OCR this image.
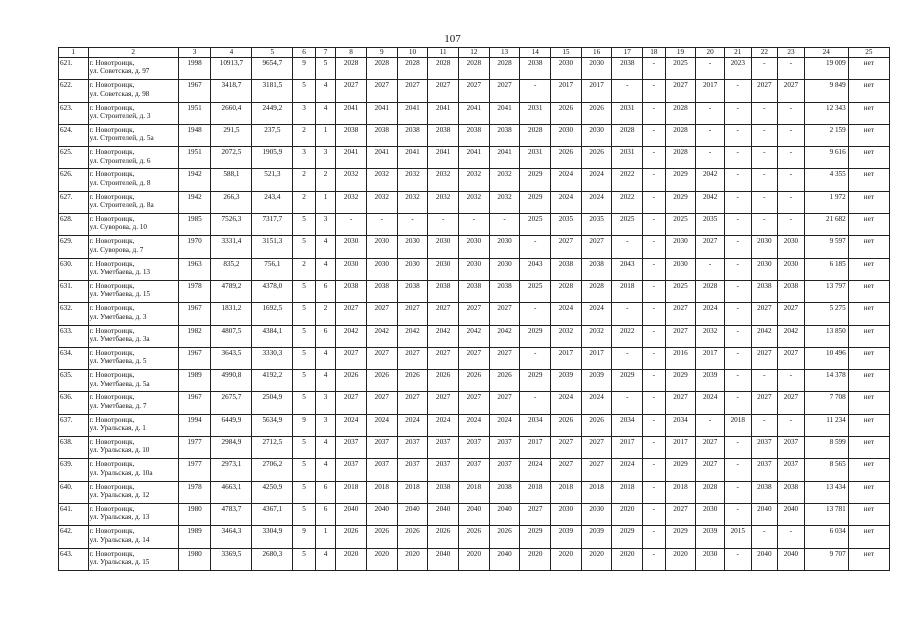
107
1	2	3	4	5	6	7	8	9	10	11	12	13	14	15	16	17	18	19	20	21	22	23	24	25
621.	г. Новотроицк,
ул. Советская, д. 97	1998	10913,7	9654,7	9	5	2028	2028	2028	2028	2028	2028	2038	2030	2030	2038	-	2025	-	2023	-	-	19 009	нет
622.	г. Новотроицк,
ул. Советская, д. 98	1967	3418,7	3181,5	5	4	2027	2027	2027	2027	2027	2027	-	2017	2017	-	-	2027	2017	-	2027	2027	9 849	нет
623.	г. Новотроицк,
ул. Строителей, д. 3	1951	2660,4	2449,2	3	4	2041	2041	2041	2041	2041	2041	2031	2026	2026	2031	-	2028	-	-	-	-	12 343	нет
624.	г. Новотроицк,
ул. Строителей, д. 5а	1948	291,5	237,5	2	1	2038	2038	2038	2038	2038	2038	2028	2030	2030	2028	-	2028	-	-	-	-	2 159	нет
625.	г. Новотроицк,
ул. Строителей, д. 6	1951	2072,5	1905,9	3	3	2041	2041	2041	2041	2041	2041	2031	2026	2026	2031	-	2028	-	-	-	-	9 616	нет
626.	г. Новотроицк,
ул. Строителей, д. 8	1942	588,1	521,3	2	2	2032	2032	2032	2032	2032	2032	2029	2024	2024	2022	-	2029	2042	-	-	-	4 355	нет
627.	г. Новотроицк,
ул. Строителей, д. 8а	1942	266,3	243,4	2	1	2032	2032	2032	2032	2032	2032	2029	2024	2024	2022	-	2029	2042	-	-	-	1 972	нет
628.	г. Новотроицк,
ул. Суворова, д. 10	1985	7526,3	7317,7	5	3	-	-	-	-	-	-	2025	2035	2035	2025	-	2025	2035	-	-	-	21 682	нет
629.	г. Новотроицк,
ул. Суворова, д. 7	1970	3331,4	3151,3	5	4	2030	2030	2030	2030	2030	2030	-	2027	2027	-	-	2030	2027	-	2030	2030	9 597	нет
630.	г. Новотроицк,
ул. Уметбаева, д. 13	1963	835,2	756,1	2	4	2030	2030	2030	2030	2030	2030	2043	2038	2038	2043	-	2030	-	-	2030	2030	6 185	нет
631.	г. Новотроицк,
ул. Уметбаева, д. 15	1978	4789,2	4378,0	5	6	2038	2038	2038	2038	2038	2038	2025	2028	2028	2018	-	2025	2028	-	2038	2038	13 797	нет
632.	г. Новотроицк,
ул. Уметбаева, д. 3	1967	1831,2	1692,5	5	2	2027	2027	2027	2027	2027	2027	-	2024	2024	-	-	2027	2024	-	2027	2027	5 275	нет
633.	г. Новотроицк,
ул. Уметбаева, д. 3а	1982	4807,5	4384,1	5	6	2042	2042	2042	2042	2042	2042	2029	2032	2032	2022	-	2027	2032	-	2042	2042	13 850	нет
634.	г. Новотроицк,
ул. Уметбаева, д. 5	1967	3643,5	3330,3	5	4	2027	2027	2027	2027	2027	2027	-	2017	2017	-	-	2016	2017	-	2027	2027	10 496	нет
635.	г. Новотроицк,
ул. Уметбаева, д. 5а	1989	4990,8	4192,2	5	4	2026	2026	2026	2026	2026	2026	2029	2039	2039	2029	-	2029	2039	-	-	-	14 378	нет
636.	г. Новотроицк,
ул. Уметбаева, д. 7	1967	2675,7	2504,9	5	3	2027	2027	2027	2027	2027	2027	-	2024	2024	-	-	2027	2024	-	2027	2027	7 708	нет
637.	г. Новотроицк,
ул. Уральская, д. 1	1994	6449,9	5634,9	9	3	2024	2024	2024	2024	2024	2024	2034	2026	2026	2034	-	2034	-	2018	-	-	11 234	нет
638.	г. Новотроицк,
ул. Уральская, д. 10	1977	2984,9	2712,5	5	4	2037	2037	2037	2037	2037	2037	2017	2027	2027	2017	-	2017	2027	-	2037	2037	8 599	нет
639.	г. Новотроицк,
ул. Уральская, д. 10а	1977	2973,1	2706,2	5	4	2037	2037	2037	2037	2037	2037	2024	2027	2027	2024	-	2029	2027	-	2037	2037	8 565	нет
640.	г. Новотроицк,
ул. Уральская, д. 12	1978	4663,1	4250,9	5	6	2018	2018	2018	2038	2018	2038	2018	2018	2018	2018	-	2018	2028	-	2038	2038	13 434	нет
641.	г. Новотроицк,
ул. Уральская, д. 13	1980	4783,7	4367,1	5	6	2040	2040	2040	2040	2040	2040	2027	2030	2030	2020	-	2027	2030	-	2040	2040	13 781	нет
642.	г. Новотроицк,
ул. Уральская, д. 14	1989	3464,3	3304,9	9	1	2026	2026	2026	2026	2026	2026	2029	2039	2039	2029	-	2029	2039	2015	-	-	6 034	нет
643.	г. Новотроицк,
ул. Уральская, д. 15	1980	3369,5	2680,3	5	4	2020	2020	2020	2040	2020	2040	2020	2020	2020	2020	-	2020	2030	-	2040	2040	9 707	нет
